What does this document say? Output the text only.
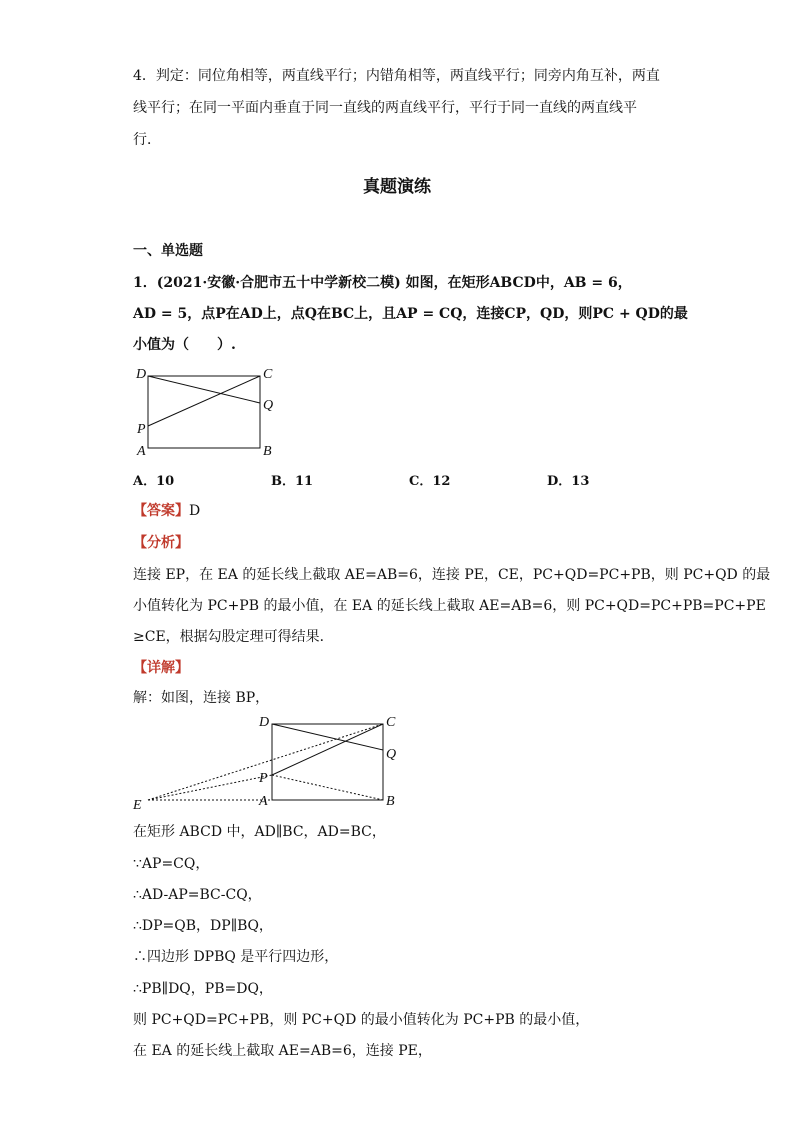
4．判定：同位角相等，两直线平行；内错角相等，两直线平行；同旁内角互补，两直
线平行；在同一平面内垂直于同一直线的两直线平行，平行于同一直线的两直线平
行．
真题演练
一、单选题
1．(2021·安徽·合肥市五十中学新校二模) 如图，在矩形ABCD中，AB = 6，
AD = 5，点P在AD上，点Q在BC上，且AP = CQ，连接CP，QD，则PC + QD的最
小值为（　　）.
D	C
Q
P
A	B
A．10	B．11	C．12	D．13
【答案】D
【分析】
连接 EP，在 EA 的延长线上截取 AE=AB=6，连接 PE，CE，PC+QD=PC+PB，则 PC+QD 的最
小值转化为 PC+PB 的最小值，在 EA 的延长线上截取 AE=AB=6，则 PC+QD=PC+PB=PC+PE
≥CE，根据勾股定理可得结果．
【详解】
解：如图，连接 BP，
D	C
Q
P
A	B
E
在矩形 ABCD 中，AD∥BC，AD=BC，
∵AP=CQ，
∴AD-AP=BC-CQ，
∴DP=QB，DP∥BQ，
∴四边形 DPBQ 是平行四边形，
∴PB∥DQ，PB=DQ，
则 PC+QD=PC+PB，则 PC+QD 的最小值转化为 PC+PB 的最小值，
在 EA 的延长线上截取 AE=AB=6，连接 PE，
